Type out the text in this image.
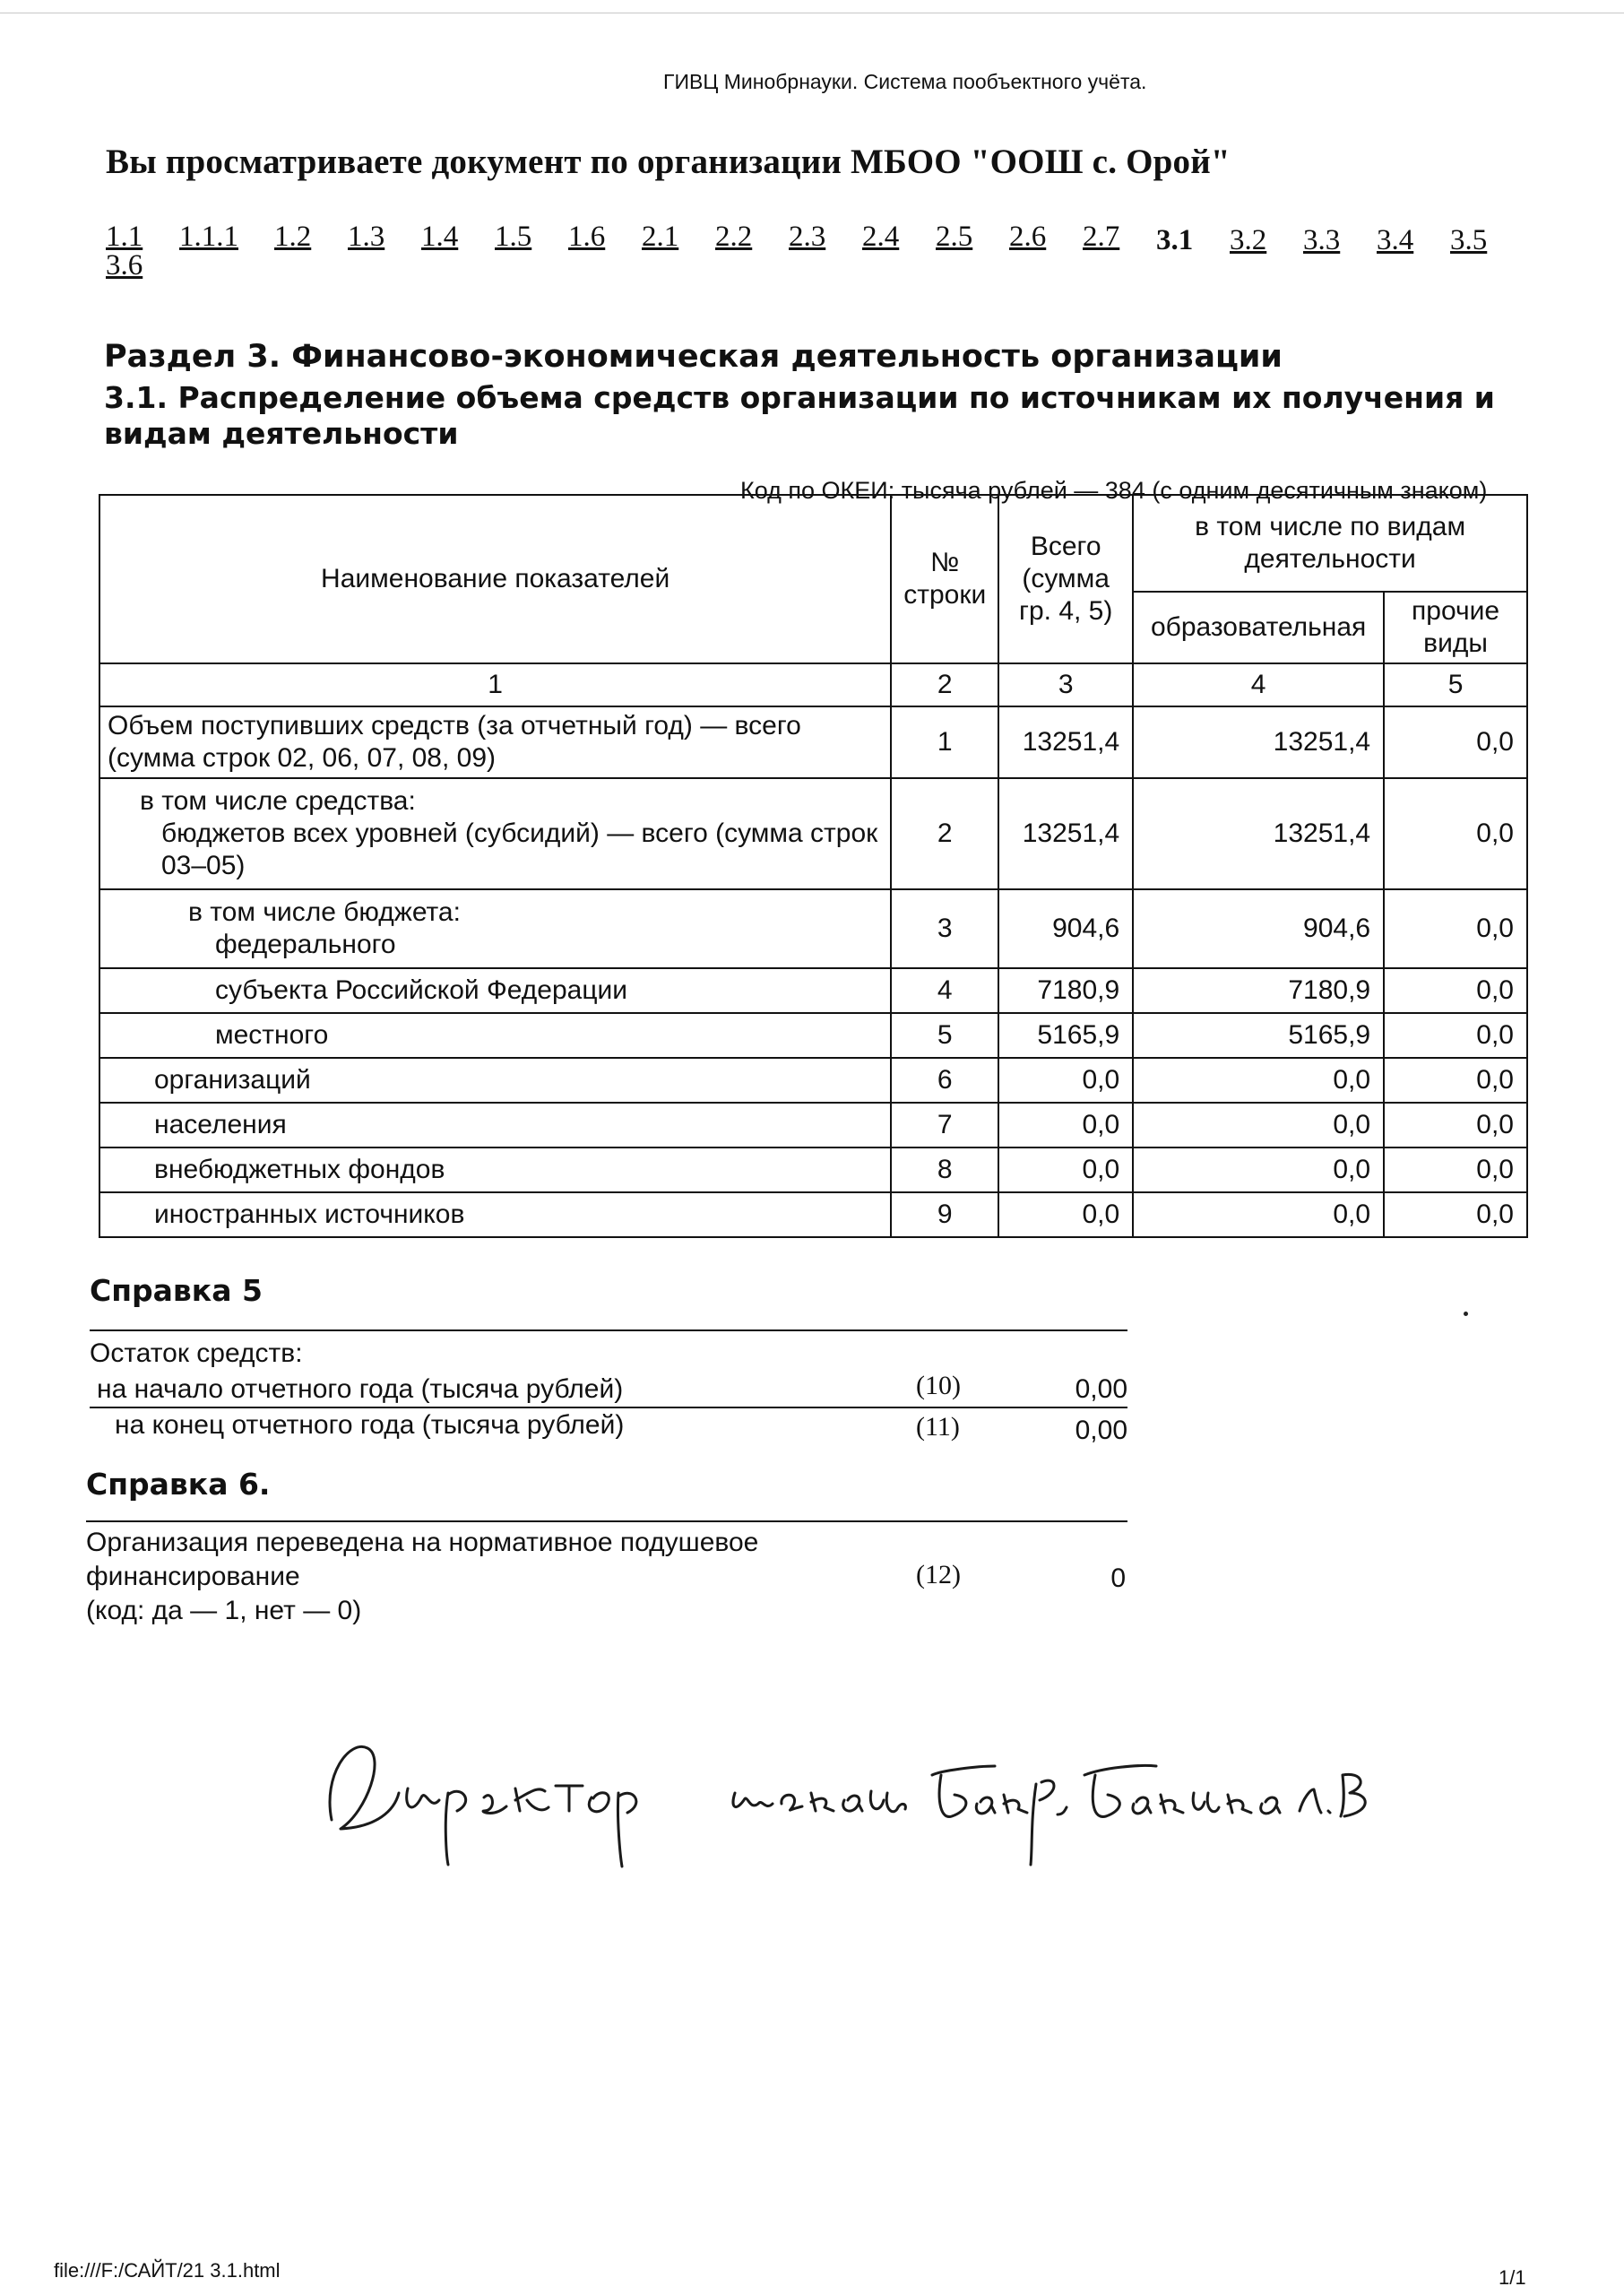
ГИВЦ Минобрнауки. Система пообъектного учёта.
Вы просматриваете документ по организации МБОО "ООШ с. Орой"
1.1 1.1.1 1.2 1.3 1.4 1.5 1.6 2.1 2.2 2.3 2.4 2.5 2.6 2.7 3.1 3.2 3.3 3.4 3.5
3.6
Раздел 3. Финансово-экономическая деятельность организации
3.1. Распределение объема средств организации по источникам их получения и видам деятельности
Код по ОКЕИ: тысяча рублей — 384 (с одним десятичным знаком)
Наименование показателей	№ строки	Всего (сумма гр. 4, 5)	в том числе по видам деятельности	
			образовательная	прочие виды
1	2	3	4	5
Объем поступивших средств (за отчетный год) — всего (сумма строк 02, 06, 07, 08, 09)	1	13251,4	13251,4	0,0

в том числе средства:
бюджетов всех уровней (субсидий) — всего (сумма строк 03–05)	2	13251,4	13251,4	0,0

в том числе бюджета:
федерального	3	904,6	904,6	0,0

субъекта Российской Федерации	4	7180,9	7180,9	0,0

местного	5	5165,9	5165,9	0,0

организаций	6	0,0	0,0	0,0

населения	7	0,0	0,0	0,0

внебюджетных фондов	8	0,0	0,0	0,0

иностранных источников	9	0,0	0,0	0,0
Справка 5
Остаток средств:
на начало отчетного года (тысяча рублей)	(10)	0,00
на конец отчетного года (тысяча рублей)	(11)	0,00
Справка 6.
Организация переведена на нормативное подушевое
финансирование
(код: да — 1, нет — 0)
(12)	0
file:///F:/САЙТ/21 3.1.html	1/1
